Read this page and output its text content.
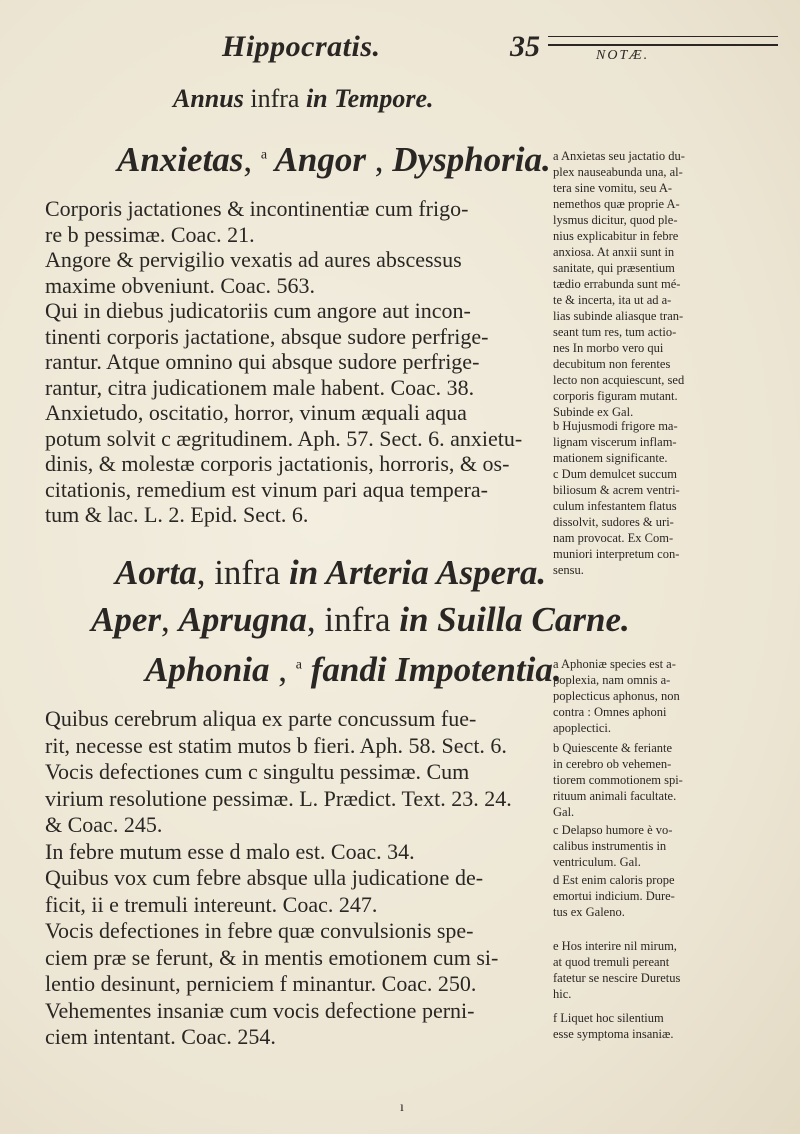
Hippocratis.	35	NOTÆ.
Annus infra in Tempore.
Anxietas, $^a$ Angor , Dysphoria.
Corporis jactationes & incontinentiæ cum frigo-
re b pessimæ. Coac. 21.
Angore & pervigilio vexatis ad aures abscessus
maxime obveniunt. Coac. 563.
Qui in diebus judicatoriis cum angore aut incon-
tinenti corporis jactatione, absque sudore perfrige-
rantur. Atque omnino qui absque sudore perfrige-
rantur, citra judicationem male habent. Coac. 38.
Anxietudo, oscitatio, horror, vinum æquali aqua
potum solvit c ægritudinem. Aph. 57. Sect. 6. anxietu-
dinis, & molestæ corporis jactationis, horroris, & os-
citationis, remedium est vinum pari aqua tempera-
tum & lac. L. 2. Epid. Sect. 6.
Aorta, infra in Arteria Aspera.
Aper, Aprugna, infra in Suilla Carne.
Aphonia , $^a$ fandi Impotentia.
Quibus cerebrum aliqua ex parte concussum fue-
rit, necesse est statim mutos b fieri. Aph. 58. Sect. 6.
Vocis defectiones cum c singultu pessimæ. Cum
virium resolutione pessimæ. L. Prædict. Text. 23. 24.
& Coac. 245.
In febre mutum esse d malo est. Coac. 34.
Quibus vox cum febre absque ulla judicatione de-
ficit, ii e tremuli intereunt. Coac. 247.
Vocis defectiones in febre quæ convulsionis spe-
ciem præ se ferunt, & in mentis emotionem cum si-
lentio desinunt, perniciem f minantur. Coac. 250.
Vehementes insaniæ cum vocis defectione perni-
ciem intentant. Coac. 254.
a Anxietas seu jactatio du-
plex nauseabunda una, al-
tera sine vomitu, seu A-
nemethos quæ proprie A-
lysmus dicitur, quod ple-
nius explicabitur in febre
anxiosa. At anxii sunt in
sanitate, qui præsentium
tædio errabunda sunt mé-
te & incerta, ita ut ad a-
lias subinde aliasque tran-
seant tum res, tum actio-
nes In morbo vero qui
decubitum non ferentes
lecto non acquiescunt, sed
corporis figuram mutant.
Subinde ex Gal.
b Hujusmodi frigore ma-
lignam viscerum inflam-
mationem significante.
c Dum demulcet succum
biliosum & acrem ventri-
culum infestantem flatus
dissolvit, sudores & uri-
nam provocat. Ex Com-
muniori interpretum con-
sensu.
a Aphoniæ species est a-
poplexia, nam omnis a-
poplecticus aphonus, non
contra : Omnes aphoni
apoplectici.
b Quiescente & feriante
in cerebro ob vehemen-
tiorem commotionem spi-
rituum animali facultate.
Gal.
c Delapso humore è vo-
calibus instrumentis in
ventriculum. Gal.
d Est enim caloris prope
emortui indicium. Dure-
tus ex Galeno.
e Hos interire nil mirum,
at quod tremuli pereant
fatetur se nescire Duretus
hic.
f Liquet hoc silentium
esse symptoma insaniæ.
ı
